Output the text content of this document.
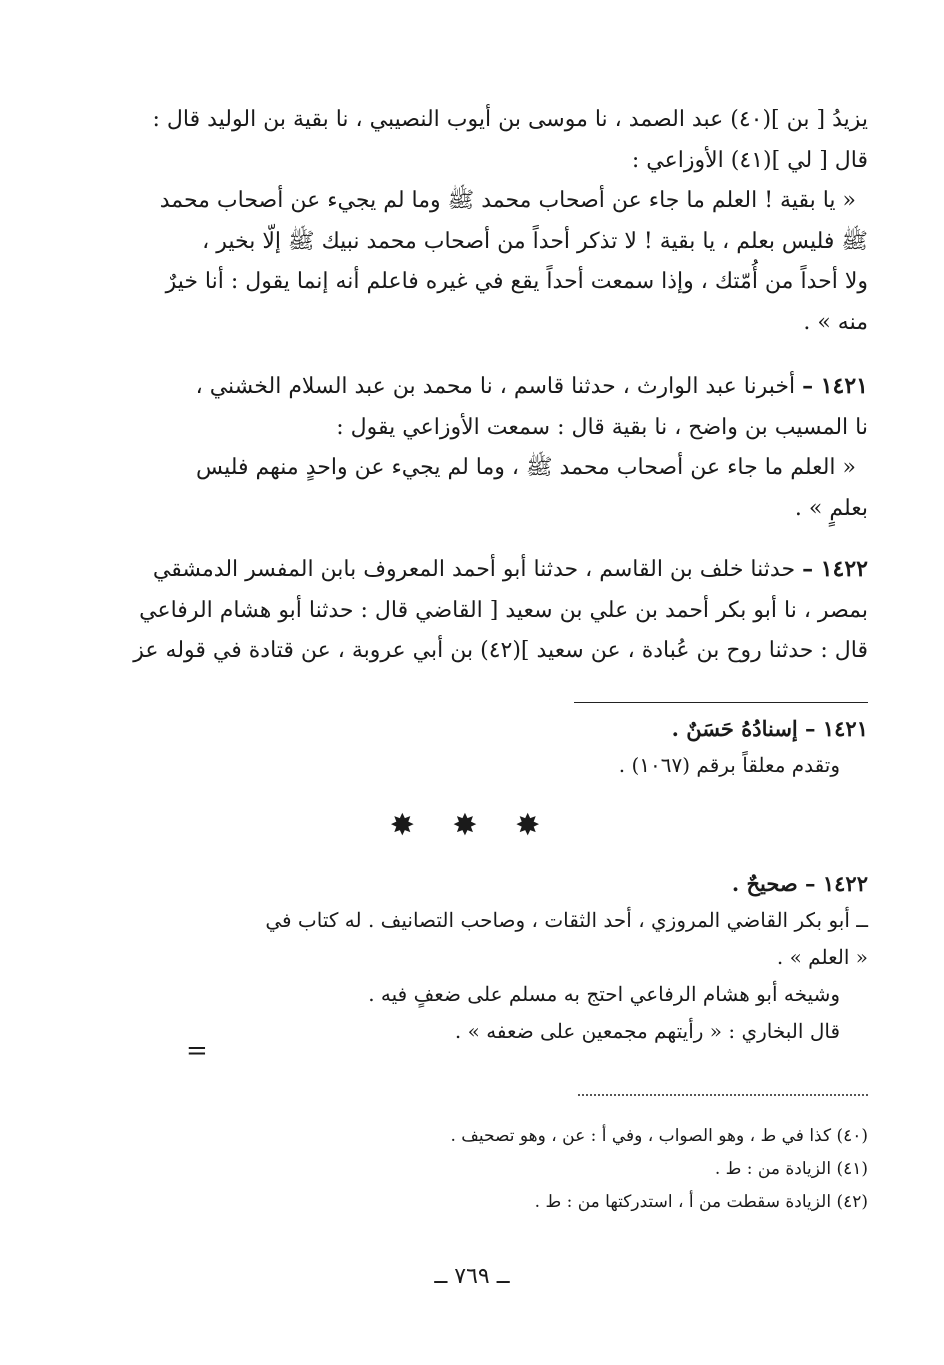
يزيدُ [ بن ](٤٠) عبد الصمد ، نا موسى بن أيوب النصيبي ، نا بقية بن الوليد قال :

قال [ لي ](٤١) الأوزاعي :

« يا بقية ! العلم ما جاء عن أصحاب محمد ﷺ وما لم يجيء عن أصحاب محمد

ﷺ فليس بعلم ، يا بقية ! لا تذكر أحداً من أصحاب محمد نبيك ﷺ إلّا بخير ،

ولا أحداً من أُمّتك ، وإذا سمعت أحداً يقع في غيره فاعلم أنه إنما يقول : أنا خيرٌ

منه » .

١٤٢١ – أخبرنا عبد الوارث ، حدثنا قاسم ، نا محمد بن عبد السلام الخشني ،

نا المسيب بن واضح ، نا بقية قال : سمعت الأوزاعي يقول :

« العلم ما جاء عن أصحاب محمد ﷺ ، وما لم يجيء عن واحدٍ منهم فليس

بعلمٍ » .

١٤٢٢ – حدثنا خلف بن القاسم ، حدثنا أبو أحمد المعروف بابن المفسر الدمشقي

بمصر ، نا أبو بكر أحمد بن علي بن سعيد [ القاضي قال : حدثنا أبو هشام الرفاعي

قال : حدثنا روح بن عُبادة ، عن سعيد ](٤٢) بن أبي عروبة ، عن قتادة في قوله عز

١٤٢١ – إسنادُهُ حَسَنٌ .

وتقدم معلقاً برقم (١٠٦٧) .

✸ ✸ ✸

١٤٢٢ – صحيحٌ .

ــ أبو بكر القاضي المروزي ، أحد الثقات ، وصاحب التصانيف . له كتاب في

« العلم » .

وشيخه أبو هشام الرفاعي احتج به مسلم على ضعفٍ فيه .

قال البخاري : « رأيتهم مجمعين على ضعفه » .

=

(٤٠) كذا في ط ، وهو الصواب ، وفي أ : عن ، وهو تصحيف .

(٤١) الزيادة من : ط .

(٤٢) الزيادة سقطت من أ ، استدركتها من : ط .

ــ ٧٦٩ ــ
